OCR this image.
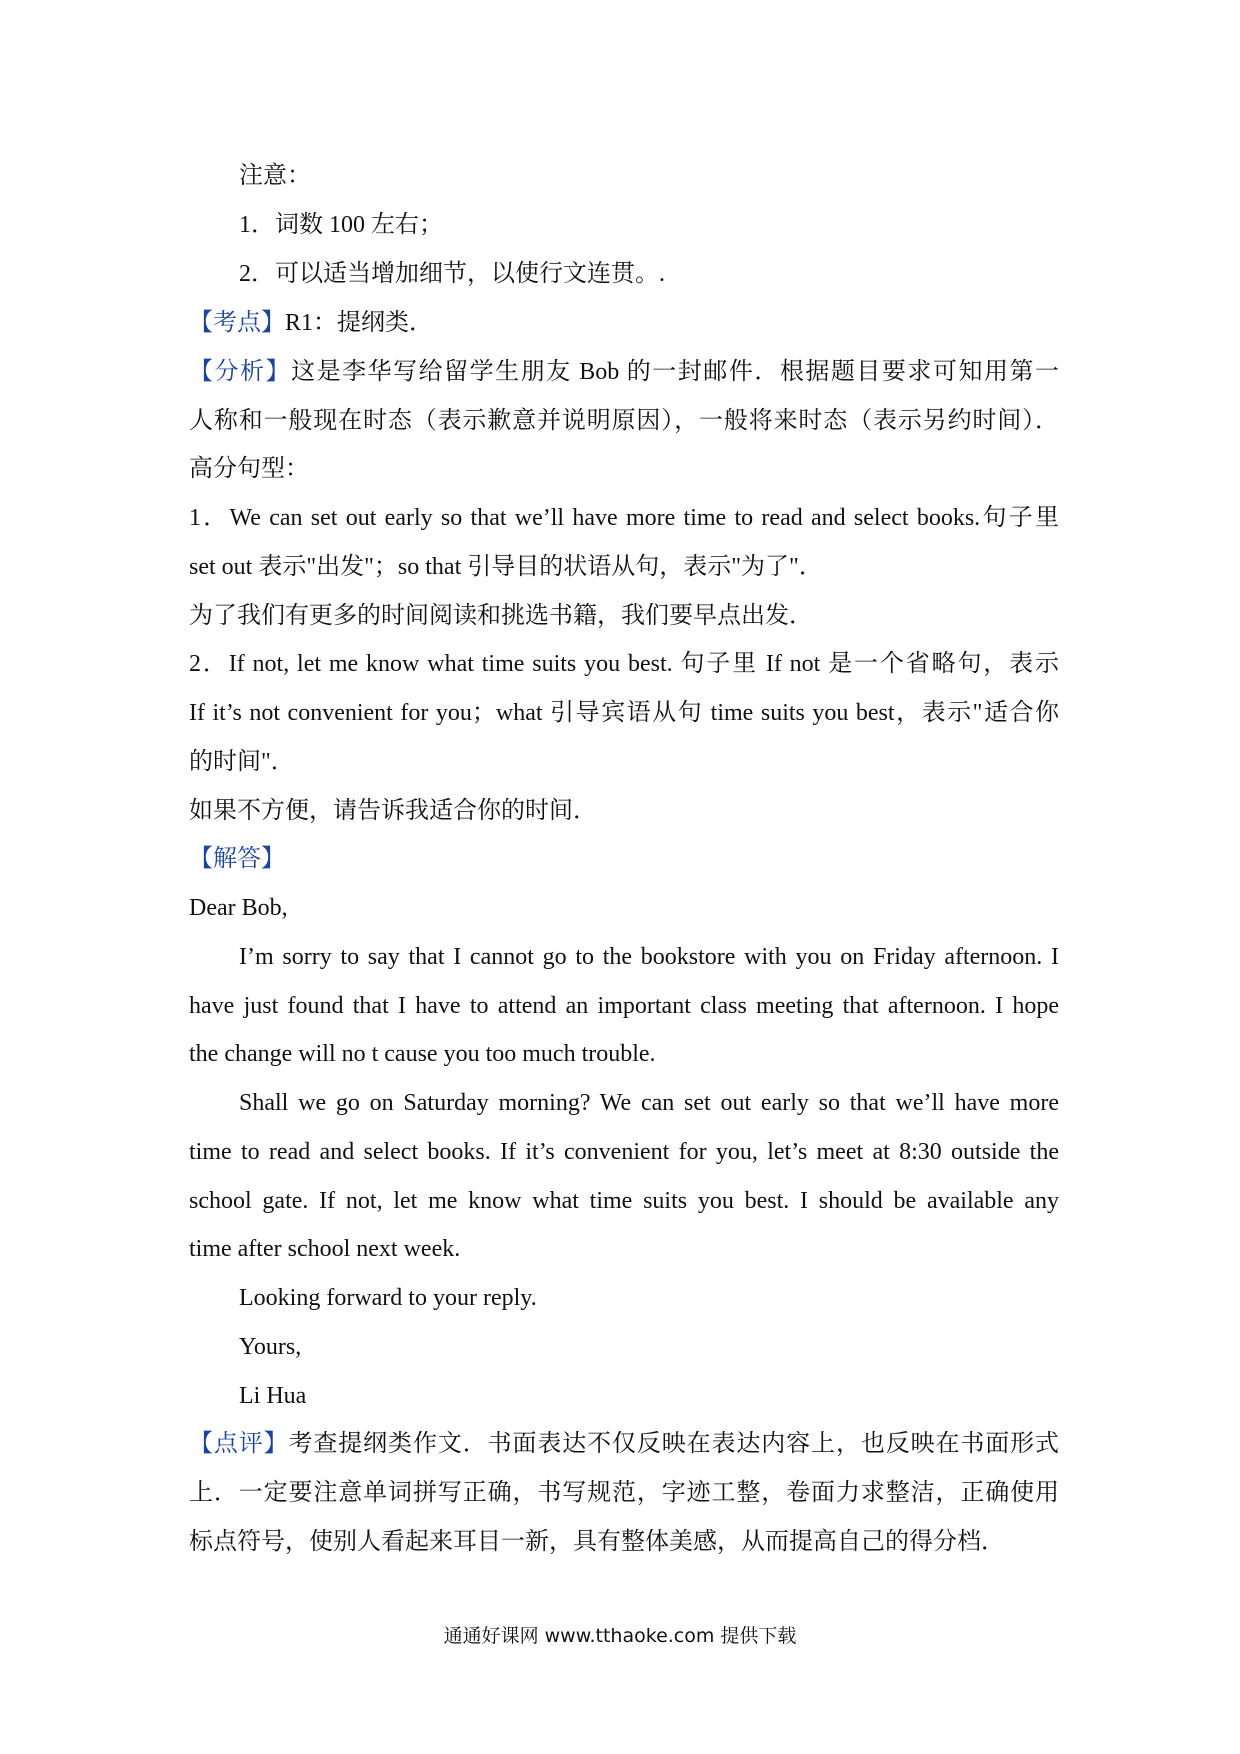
注意：
1．词数 100 左右；
2．可以适当增加细节，以使行文连贯。.
【考点】R1：提纲类．
【分析】这是李华写给留学生朋友 Bob 的一封邮件．根据题目要求可知用第一
人称和一般现在时态（表示歉意并说明原因），一般将来时态（表示另约时间）．
高分句型：
1．We can set out early so that we’ll have more time to read and select books.句子里
set out 表示"出发"；so that 引导目的状语从句，表示"为了"．
为了我们有更多的时间阅读和挑选书籍，我们要早点出发．
2．If not, let me know what time suits you best. 句子里 If not 是一个省略句，表示
If it’s not convenient for you；what 引导宾语从句 time suits you best，表示"适合你
的时间"．
如果不方便，请告诉我适合你的时间．
【解答】
Dear Bob,
I’m sorry to say that I cannot go to the bookstore with you on Friday afternoon. I
have just found that I have to attend an important class meeting that afternoon. I hope
the change will no t cause you too much trouble.
Shall we go on Saturday morning? We can set out early so that we’ll have more
time to read and select books. If it’s convenient for you, let’s meet at 8:30 outside the
school gate. If not, let me know what time suits you best. I should be available any
time after school next week.
Looking forward to your reply.
Yours,
Li Hua
【点评】考查提纲类作文．书面表达不仅反映在表达内容上，也反映在书面形式
上．一定要注意单词拼写正确，书写规范，字迹工整，卷面力求整洁，正确使用
标点符号，使别人看起来耳目一新，具有整体美感，从而提高自己的得分档．
通通好课网 www.tthaoke.com 提供下载
